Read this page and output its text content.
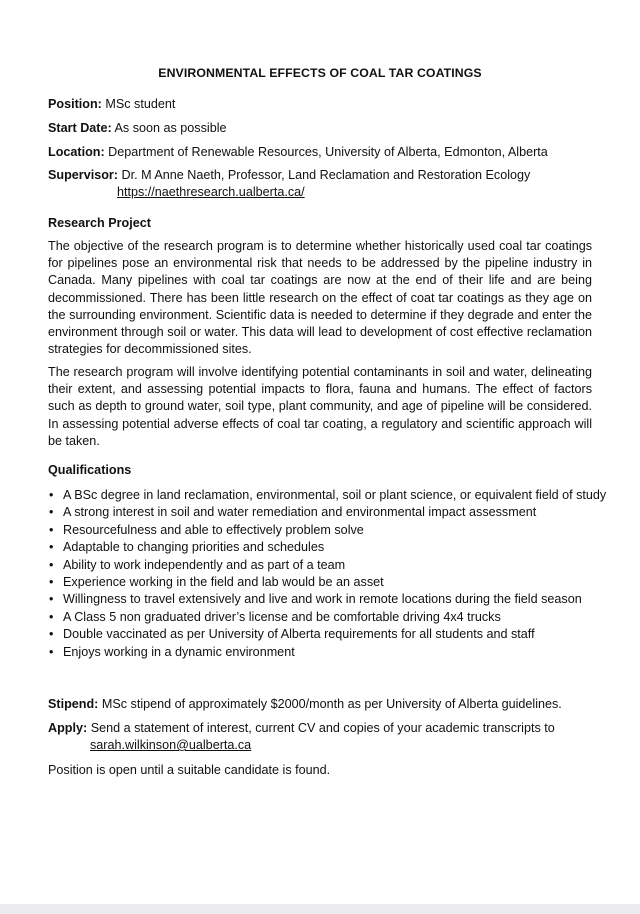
ENVIRONMENTAL EFFECTS OF COAL TAR COATINGS
Position: MSc student
Start Date: As soon as possible
Location: Department of Renewable Resources, University of Alberta, Edmonton, Alberta
Supervisor: Dr. M Anne Naeth, Professor, Land Reclamation and Restoration Ecology
https://naethresearch.ualberta.ca/
Research Project
The objective of the research program is to determine whether historically used coal tar coatings for pipelines pose an environmental risk that needs to be addressed by the pipeline industry in Canada. Many pipelines with coal tar coatings are now at the end of their life and are being decommissioned. There has been little research on the effect of coat tar coatings as they age on the surrounding environment. Scientific data is needed to determine if they degrade and enter the environment through soil or water. This data will lead to development of cost effective reclamation strategies for decommissioned sites.
The research program will involve identifying potential contaminants in soil and water, delineating their extent, and assessing potential impacts to flora, fauna and humans. The effect of factors such as depth to ground water, soil type, plant community, and age of pipeline will be considered. In assessing potential adverse effects of coal tar coating, a regulatory and scientific approach will be taken.
Qualifications
• A BSc degree in land reclamation, environmental, soil or plant science, or equivalent field of study
• A strong interest in soil and water remediation and environmental impact assessment
• Resourcefulness and able to effectively problem solve
• Adaptable to changing priorities and schedules
• Ability to work independently and as part of a team
• Experience working in the field and lab would be an asset
• Willingness to travel extensively and live and work in remote locations during the field season
• A Class 5 non graduated driver’s license and be comfortable driving 4x4 trucks
• Double vaccinated as per University of Alberta requirements for all students and staff
• Enjoys working in a dynamic environment
Stipend: MSc stipend of approximately $2000/month as per University of Alberta guidelines.
Apply: Send a statement of interest, current CV and copies of your academic transcripts to
sarah.wilkinson@ualberta.ca
Position is open until a suitable candidate is found.
